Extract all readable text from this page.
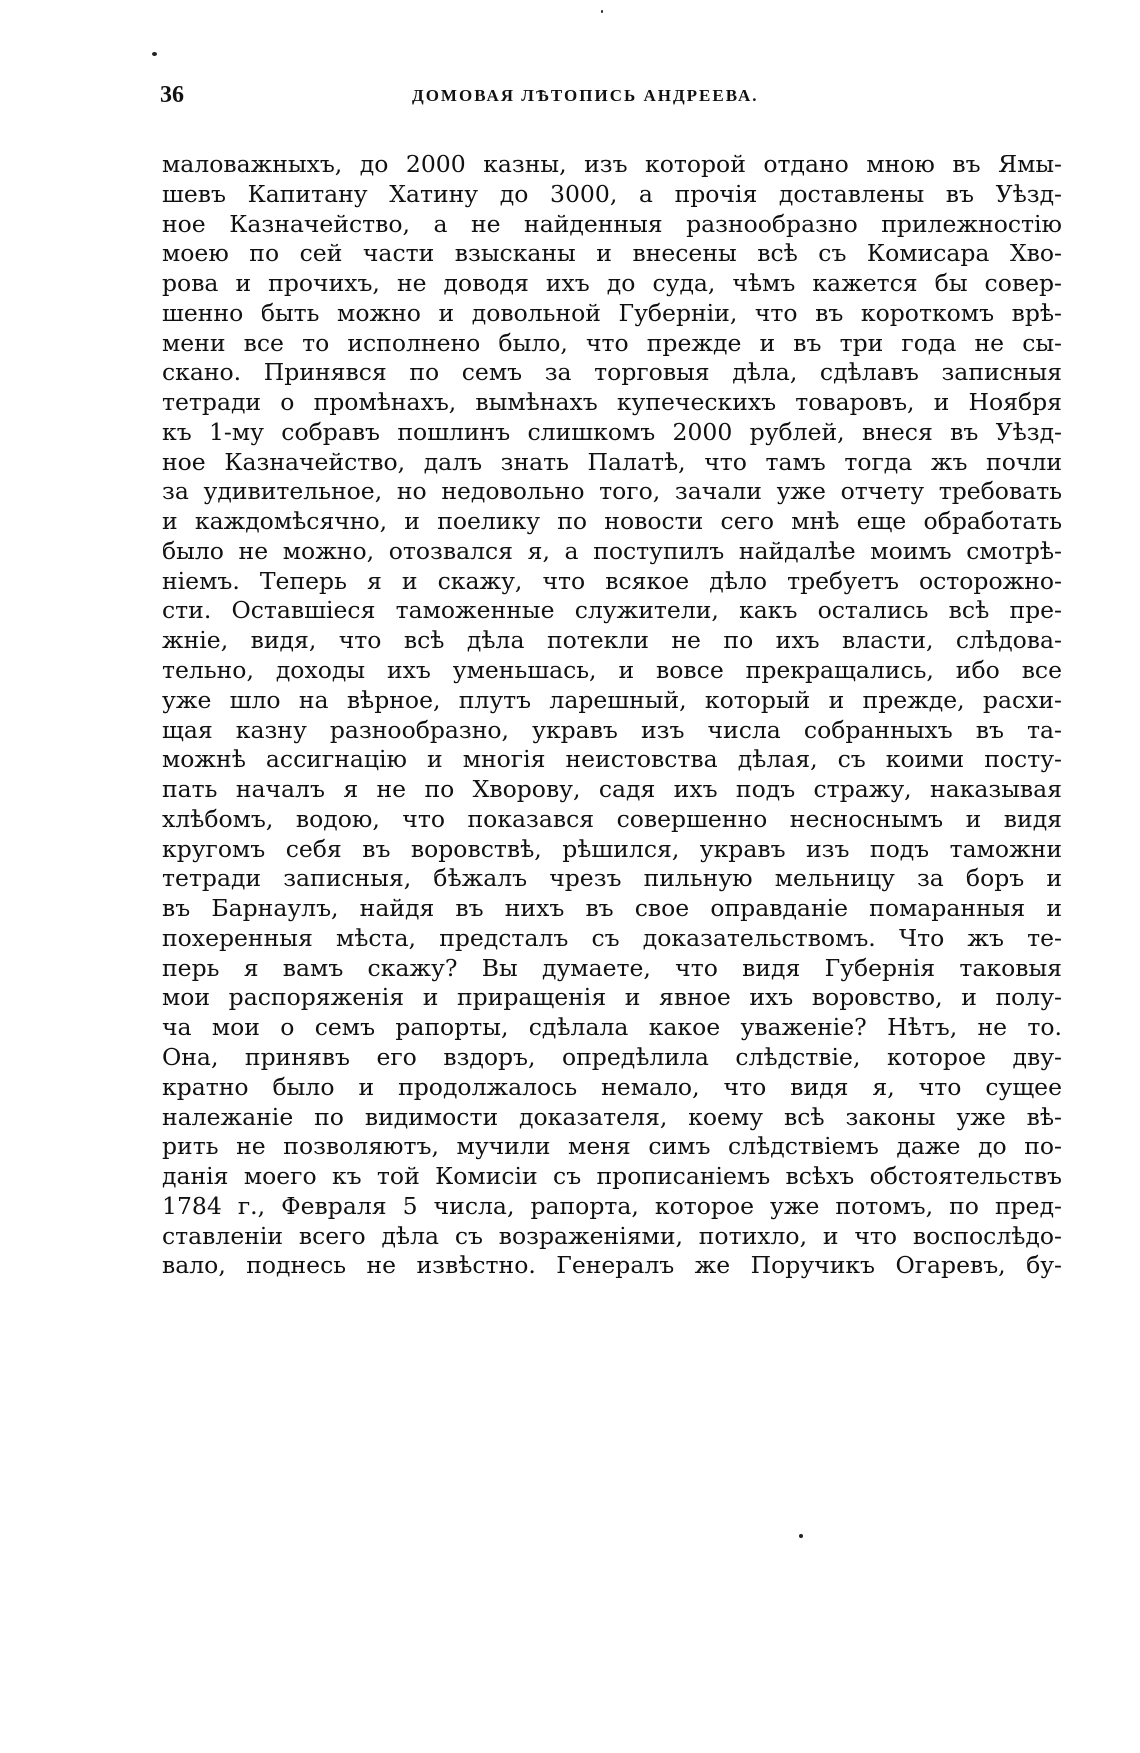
36	ДОМОВАЯ ЛѢТОПИСЬ АНДРЕЕВА.
маловажныхъ, до 2000 казны, изъ которой отдано мною въ Ямы-
шевъ Капитану Хатину до 3000, а прочія доставлены въ Уѣзд-
ное Казначейство, а не найденныя разнообразно прилежностію
моею по сей части взысканы и внесены всѣ съ Комисара Хво-
рова и прочихъ, не доводя ихъ до суда, чѣмъ кажется бы совер-
шенно быть можно и довольной Губерніи, что въ короткомъ врѣ-
мени все то исполнено было, что прежде и въ три года не сы-
скано. Принявся по семъ за торговыя дѣла, сдѣлавъ записныя
тетради о промѣнахъ, вымѣнахъ купеческихъ товаровъ, и Ноября
къ 1-му собравъ пошлинъ слишкомъ 2000 рублей, внеся въ Уѣзд-
ное Казначейство, далъ знать Палатѣ, что тамъ тогда жъ почли
за удивительное, но недовольно того, зачали уже отчету требовать
и каждомѣсячно, и поелику по новости сего мнѣ еще обработать
было не можно, отозвался я, а поступилъ найдалѣе моимъ смотрѣ-
ніемъ. Теперь я и скажу, что всякое дѣло требуетъ осторожно-
сти. Оставшіеся таможенные служители, какъ остались всѣ пре-
жніе, видя, что всѣ дѣла потекли не по ихъ власти, слѣдова-
тельно, доходы ихъ уменьшась, и вовсе прекращались, ибо все
уже шло на вѣрное, плутъ ларешный, который и прежде, расхи-
щая казну разнообразно, укравъ изъ числа собранныхъ въ та-
можнѣ ассигнацію и многія неистовства дѣлая, съ коими посту-
пать началъ я не по Хворову, садя ихъ подъ стражу, наказывая
хлѣбомъ, водою, что показався совершенно несноснымъ и видя
кругомъ себя въ воровствѣ, рѣшился, укравъ изъ подъ таможни
тетради записныя, бѣжалъ чрезъ пильную мельницу за боръ и
въ Барнаулъ, найдя въ нихъ въ свое оправданіе помаранныя и
похеренныя мѣста, предсталъ съ доказательствомъ. Что жъ те-
перь я вамъ скажу? Вы думаете, что видя Губернія таковыя
мои распоряженія и приращенія и явное ихъ воровство, и полу-
ча мои о семъ рапорты, сдѣлала какое уваженіе? Нѣтъ, не то.
Она, принявъ его вздоръ, опредѣлила слѣдствіе, которое дву-
кратно было и продолжалось немало, что видя я, что сущее
належаніе по видимости доказателя, коему всѣ законы уже вѣ-
рить не позволяютъ, мучили меня симъ слѣдствіемъ даже до по-
данія моего къ той Комисіи съ прописаніемъ всѣхъ обстоятельствъ
1784 г., Февраля 5 числа, рапорта, которое уже потомъ, по пред-
ставленіи всего дѣла съ возраженіями, потихло, и что воспослѣдо-
вало, поднесь не извѣстно. Генералъ же Поручикъ Огаревъ, бу-
